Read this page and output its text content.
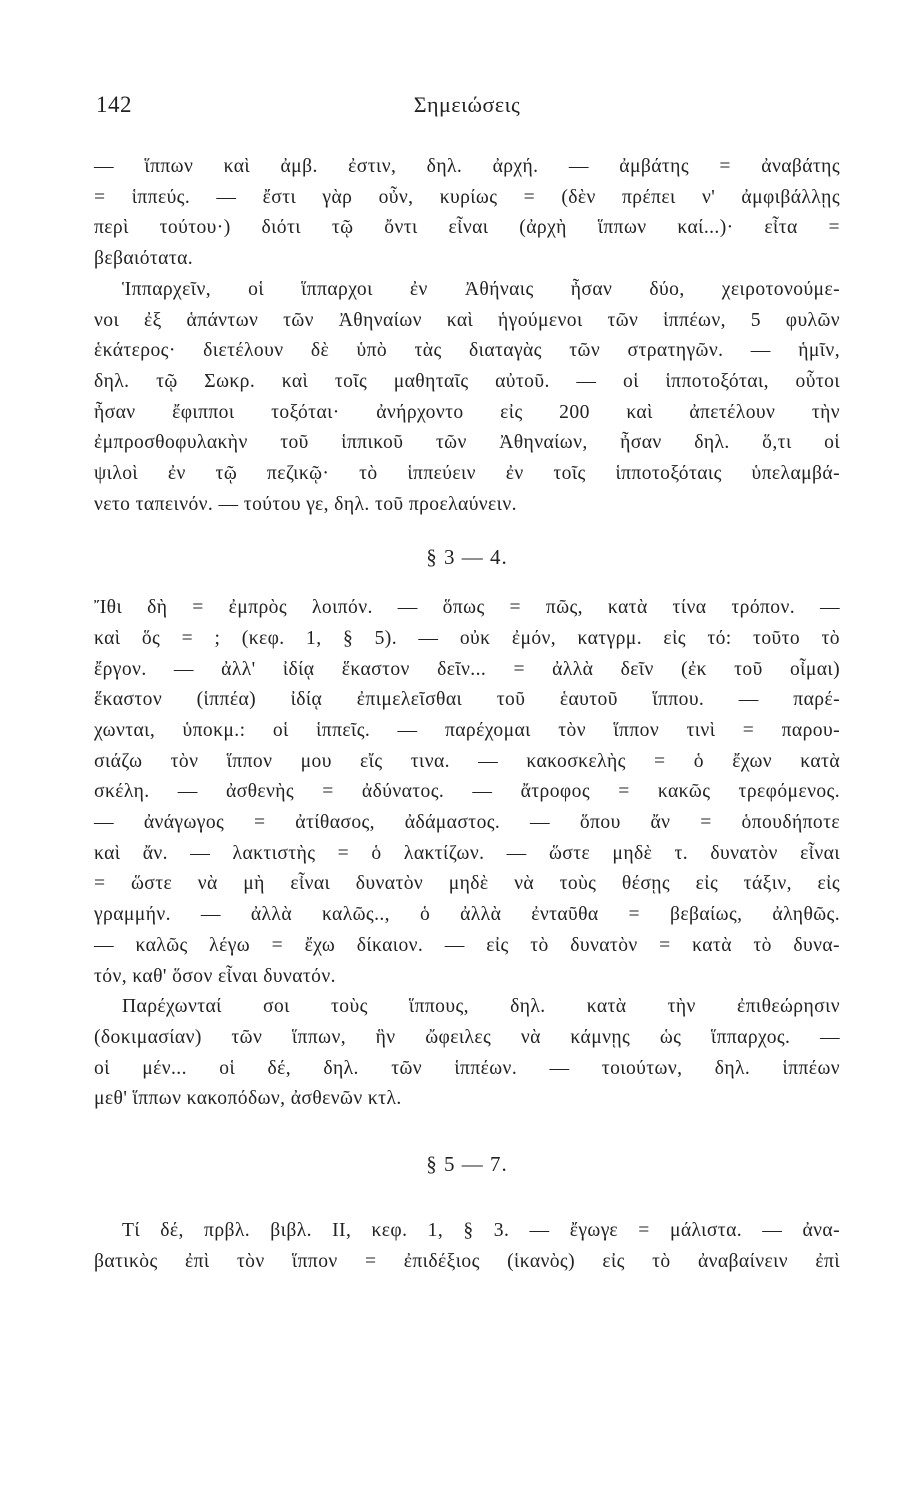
142	Σημειώσεις
— ἵππων καὶ ἀμβ. ἐστιν, δηλ. ἀρχή. — ἀμβάτης = ἀναβάτης
= ἱππεύς. — ἔστι γὰρ οὖν, κυρίως = (δὲν πρέπει ν' ἀμφιβάλλῃς
περὶ τούτου·) διότι τῷ ὄντι εἶναι (ἀρχὴ ἵππων καί...)· εἶτα =
βεβαιότατα.
Ἱππαρχεῖν, οἱ ἵππαρχοι ἐν Ἀθήναις ἦσαν δύο, χειροτονούμε-
νοι ἐξ ἁπάντων τῶν Ἀθηναίων καὶ ἡγούμενοι τῶν ἱππέων, 5 φυλῶν
ἑκάτερος· διετέλουν δὲ ὑπὸ τὰς διαταγὰς τῶν στρατηγῶν. — ἡμῖν,
δηλ. τῷ Σωκρ. καὶ τοῖς μαθηταῖς αὐτοῦ. — οἱ ἱπποτοξόται, οὗτοι
ἦσαν ἔφιπποι τοξόται· ἀνήρχοντο εἰς 200 καὶ ἀπετέλουν τὴν
ἐμπροσθοφυλακὴν τοῦ ἱππικοῦ τῶν Ἀθηναίων, ἦσαν δηλ. ὅ,τι οἱ
ψιλοὶ ἐν τῷ πεζικῷ· τὸ ἱππεύειν ἐν τοῖς ἱπποτοξόταις ὑπελαμβά-
νετο ταπεινόν. — τούτου γε, δηλ. τοῦ προελαύνειν.
§ 3 — 4.
Ἴθι δὴ = ἐμπρὸς λοιπόν. — ὅπως = πῶς, κατὰ τίνα τρόπον. —
καὶ ὅς = ; (κεφ. 1, § 5). — οὐκ ἐμόν, κατγρμ. εἰς τό: τοῦτο τὸ
ἔργον. — ἀλλ' ἰδίᾳ ἕκαστον δεῖν... = ἀλλὰ δεῖν (ἐκ τοῦ οἶμαι)
ἕκαστον (ἱππέα) ἰδίᾳ ἐπιμελεῖσθαι τοῦ ἑαυτοῦ ἵππου. — παρέ-
χωνται, ὑποκμ.: οἱ ἱππεῖς. — παρέχομαι τὸν ἵππον τινὶ = παρου-
σιάζω τὸν ἵππον μου εἴς τινα. — κακοσκελὴς = ὁ ἔχων κατὰ
σκέλη. — ἀσθενὴς = ἀδύνατος. — ἄτροφος = κακῶς τρεφόμενος.
— ἀνάγωγος = ἀτίθασος, ἀδάμαστος. — ὅπου ἄν = ὁπουδήποτε
καὶ ἄν. — λακτιστὴς = ὁ λακτίζων. — ὥστε μηδὲ τ. δυνατὸν εἶναι
= ὥστε νὰ μὴ εἶναι δυνατὸν μηδὲ νὰ τοὺς θέσῃς εἰς τάξιν, εἰς
γραμμήν. — ἀλλὰ καλῶς.., ὁ ἀλλὰ ἐνταῦθα = βεβαίως, ἀληθῶς.
— καλῶς λέγω = ἔχω δίκαιον. — εἰς τὸ δυνατὸν = κατὰ τὸ δυνα-
τόν, καθ' ὅσον εἶναι δυνατόν.
Παρέχωνταί σοι τοὺς ἵππους, δηλ. κατὰ τὴν ἐπιθεώρησιν
(δοκιμασίαν) τῶν ἵππων, ἣν ὤφειλες νὰ κάμνῃς ὡς ἵππαρχος. —
οἱ μέν... οἱ δέ, δηλ. τῶν ἱππέων. — τοιούτων, δηλ. ἱππέων
μεθ' ἵππων κακοπόδων, ἀσθενῶν κτλ.
§ 5 — 7.
Τί δέ, πρβλ. βιβλ. ΙΙ, κεφ. 1, § 3. — ἔγωγε = μάλιστα. — ἀνα-
βατικὸς ἐπὶ τὸν ἵππον = ἐπιδέξιος (ἱκανὸς) εἰς τὸ ἀναβαίνειν ἐπὶ
